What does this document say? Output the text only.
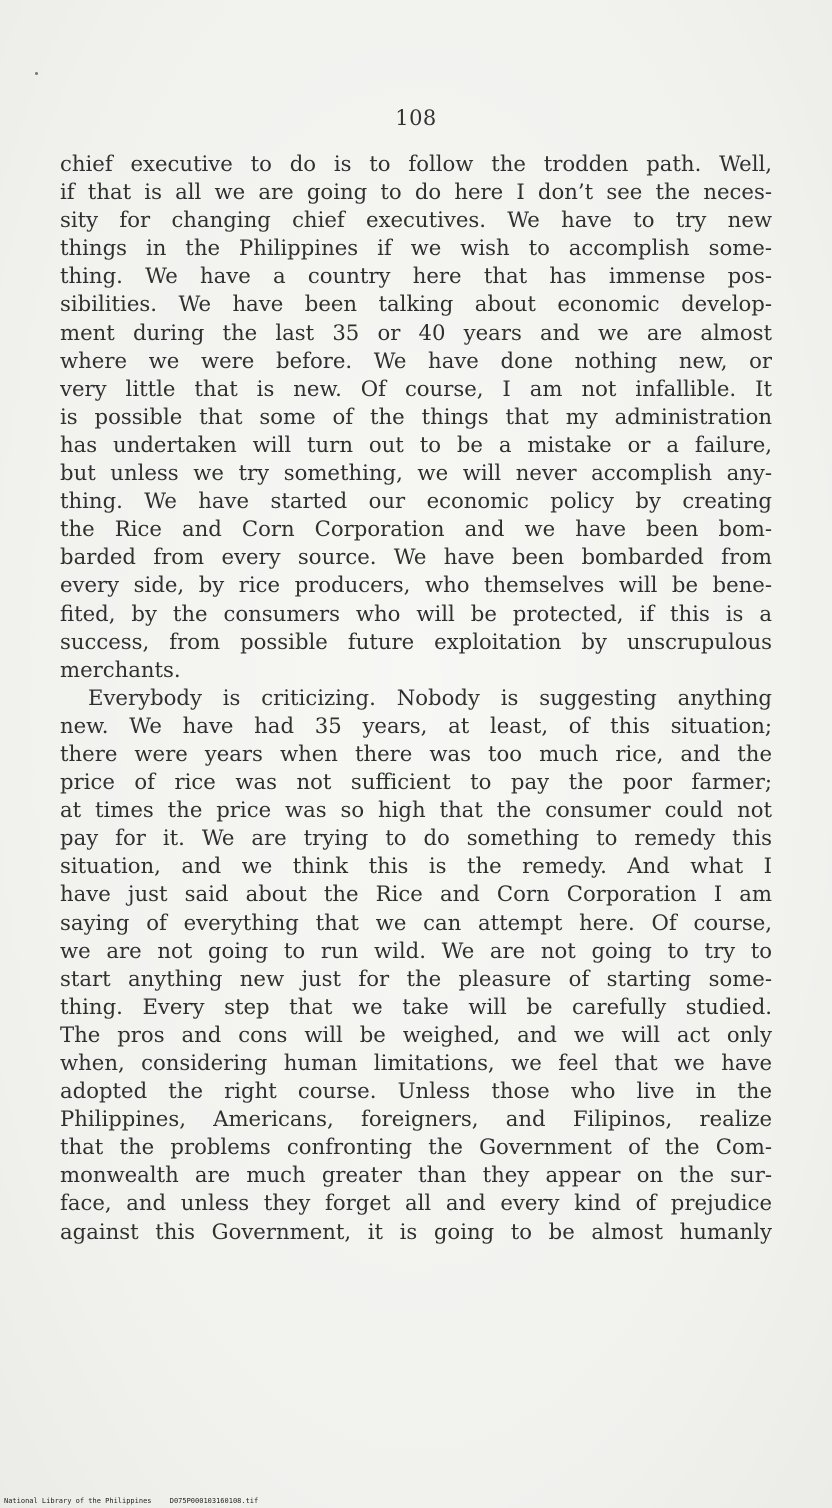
108
chief executive to do is to follow the trodden path. Well,
if that is all we are going to do here I don’t see the neces-
sity for changing chief executives. We have to try new
things in the Philippines if we wish to accomplish some-
thing. We have a country here that has immense pos-
sibilities. We have been talking about economic develop-
ment during the last 35 or 40 years and we are almost
where we were before. We have done nothing new, or
very little that is new. Of course, I am not infallible. It
is possible that some of the things that my administration
has undertaken will turn out to be a mistake or a failure,
but unless we try something, we will never accomplish any-
thing. We have started our economic policy by creating
the Rice and Corn Corporation and we have been bom-
barded from every source. We have been bombarded from
every side, by rice producers, who themselves will be bene-
fited, by the consumers who will be protected, if this is a
success, from possible future exploitation by unscrupulous
merchants.
Everybody is criticizing. Nobody is suggesting anything
new. We have had 35 years, at least, of this situation;
there were years when there was too much rice, and the
price of rice was not sufficient to pay the poor farmer;
at times the price was so high that the consumer could not
pay for it. We are trying to do something to remedy this
situation, and we think this is the remedy. And what I
have just said about the Rice and Corn Corporation I am
saying of everything that we can attempt here. Of course,
we are not going to run wild. We are not going to try to
start anything new just for the pleasure of starting some-
thing. Every step that we take will be carefully studied.
The pros and cons will be weighed, and we will act only
when, considering human limitations, we feel that we have
adopted the right course. Unless those who live in the
Philippines, Americans, foreigners, and Filipinos, realize
that the problems confronting the Government of the Com-
monwealth are much greater than they appear on the sur-
face, and unless they forget all and every kind of prejudice
against this Government, it is going to be almost humanly
National Library of the Philippines	D075P000103160108.tif
